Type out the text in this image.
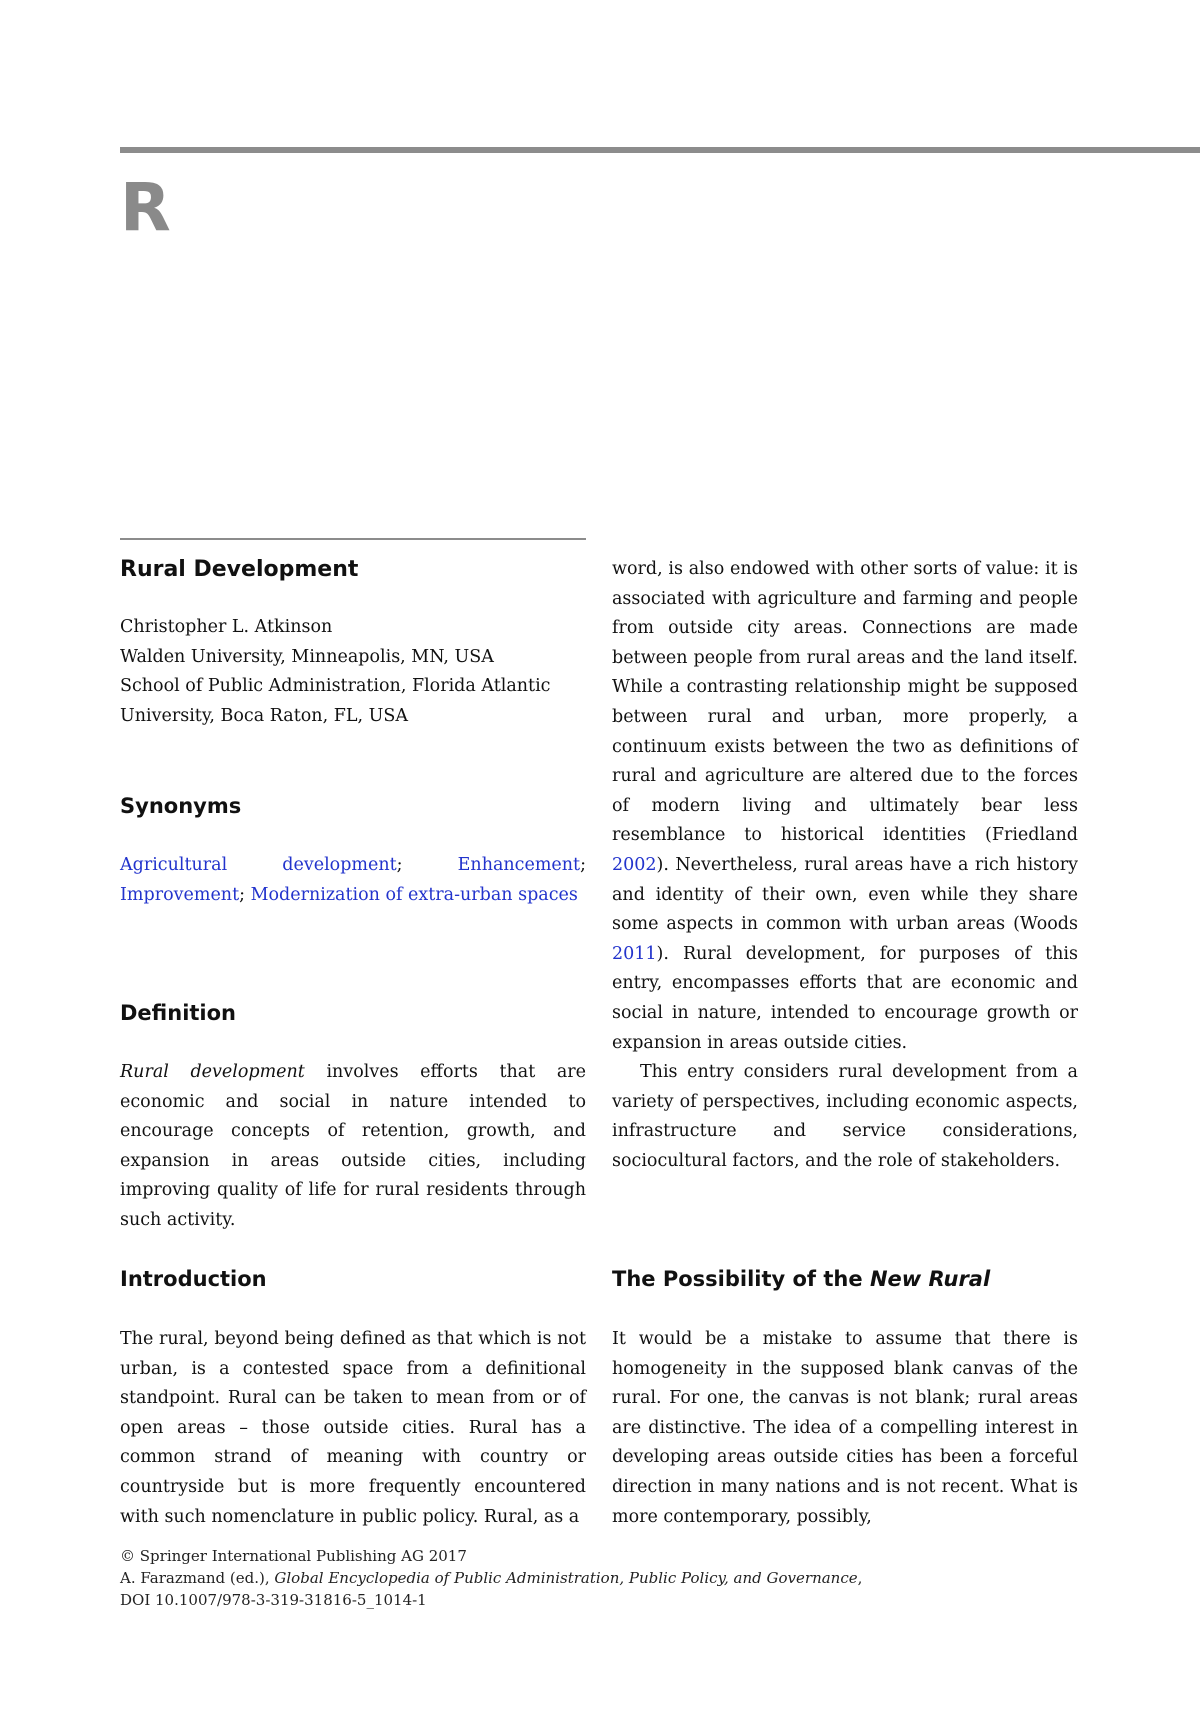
R
Rural Development
Christopher L. Atkinson
Walden University, Minneapolis, MN, USA
School of Public Administration, Florida Atlantic
University, Boca Raton, FL, USA
Synonyms

Agricultural development; Enhancement; Improvement; Modernization of extra-urban spaces

Definition

Rural development involves efforts that are economic and social in nature intended to encourage concepts of retention, growth, and expansion in areas outside cities, including improving quality of life for rural residents through such activity.

Introduction

The rural, beyond being defined as that which is not urban, is a contested space from a definitional standpoint. Rural can be taken to mean from or of open areas – those outside cities. Rural has a common strand of meaning with country or countryside but is more frequently encountered with such nomenclature in public policy. Rural, as a

word, is also endowed with other sorts of value: it is associated with agriculture and farming and people from outside city areas. Connections are made between people from rural areas and the land itself. While a contrasting relationship might be supposed between rural and urban, more properly, a continuum exists between the two as definitions of rural and agriculture are altered due to the forces of modern living and ultimately bear less resemblance to historical identities (Friedland 2002). Nevertheless, rural areas have a rich history and identity of their own, even while they share some aspects in common with urban areas (Woods 2011). Rural development, for purposes of this entry, encompasses efforts that are economic and social in nature, intended to encourage growth or expansion in areas outside cities.

This entry considers rural development from a variety of perspectives, including economic aspects, infrastructure and service considerations, sociocultural factors, and the role of stakeholders.

The Possibility of the New Rural

It would be a mistake to assume that there is homogeneity in the supposed blank canvas of the rural. For one, the canvas is not blank; rural areas are distinctive. The idea of a compelling interest in developing areas outside cities has been a forceful direction in many nations and is not recent. What is more contemporary, possibly,

© Springer International Publishing AG 2017
A. Farazmand (ed.), Global Encyclopedia of Public Administration, Public Policy, and Governance,
DOI 10.1007/978-3-319-31816-5_1014-1
